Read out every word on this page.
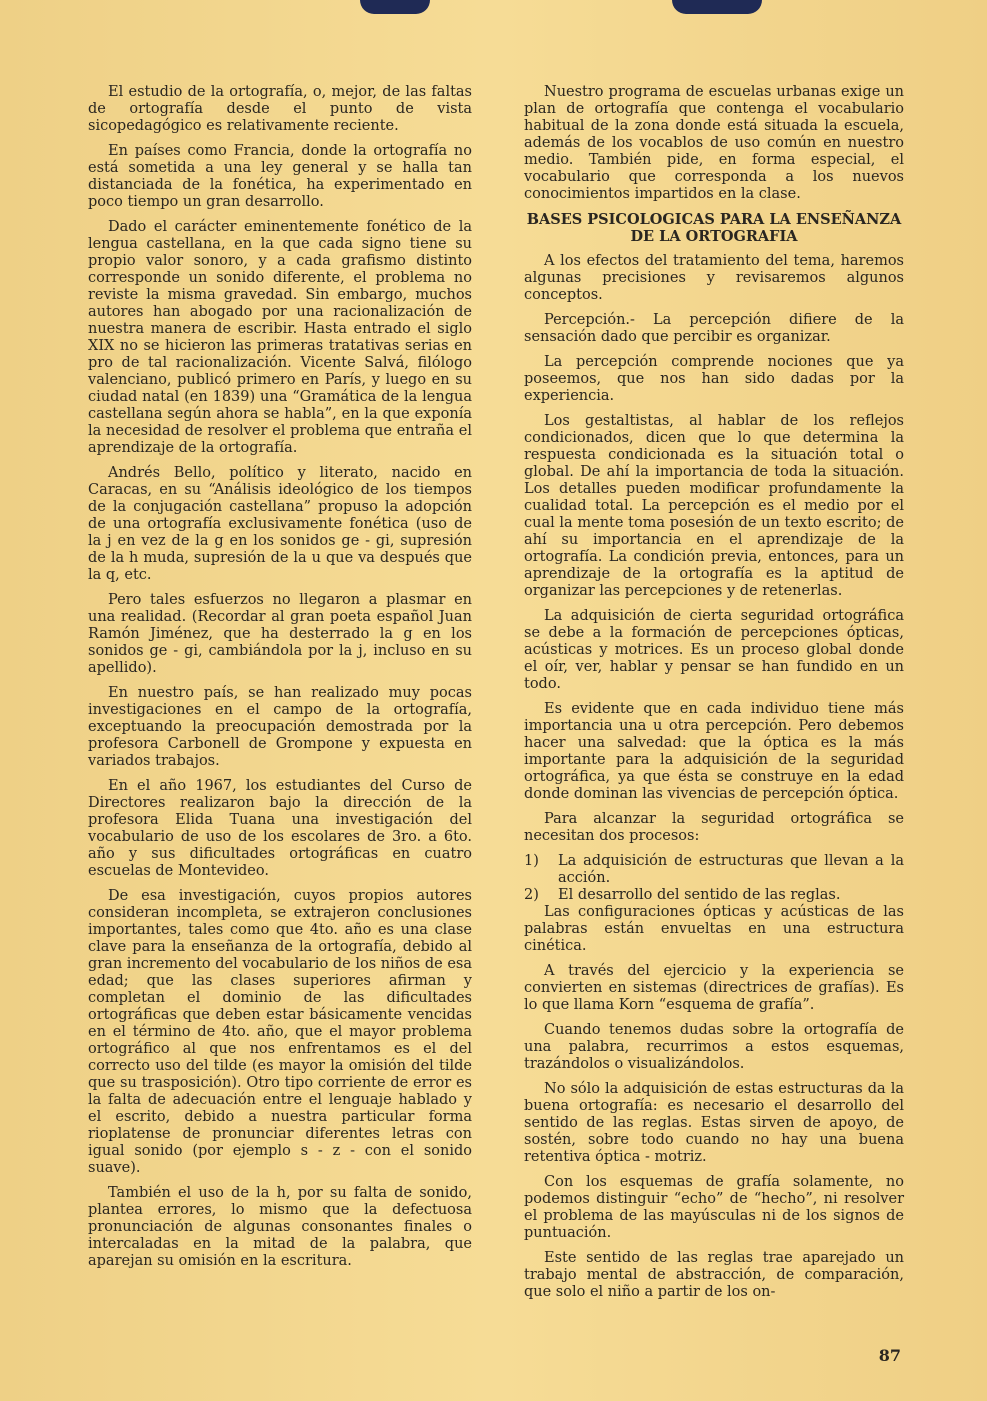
El estudio de la ortografía, o, mejor, de las faltas de ortografía desde el punto de vista sicopedagógico es relativamente reciente.

En países como Francia, donde la ortografía no está sometida a una ley general y se halla tan distanciada de la fonética, ha experimentado en poco tiempo un gran desarrollo.

Dado el carácter eminentemente fonético de la lengua castellana, en la que cada signo tiene su propio valor sonoro, y a cada grafismo distinto corresponde un sonido diferente, el problema no reviste la misma gravedad. Sin embargo, muchos autores han abogado por una racionalización de nuestra manera de escribir. Hasta entrado el siglo XIX no se hicieron las primeras tratativas serias en pro de tal racionalización. Vicente Salvá, filólogo valenciano, publicó primero en París, y luego en su ciudad natal (en 1839) una “Gramática de la lengua castellana según ahora se habla”, en la que exponía la necesidad de resolver el problema que entraña el aprendizaje de la ortografía.

Andrés Bello, político y literato, nacido en Caracas, en su “Análisis ideológico de los tiempos de la conjugación castellana” propuso la adopción de una ortografía exclusivamente fonética (uso de la j en vez de la g en los sonidos ge - gi, supresión de la h muda, supresión de la u que va después que la q, etc.

Pero tales esfuerzos no llegaron a plasmar en una realidad. (Recordar al gran poeta español Juan Ramón Jiménez, que ha desterrado la g en los sonidos ge - gi, cambiándola por la j, incluso en su apellido).

En nuestro país, se han realizado muy pocas investigaciones en el campo de la ortografía, exceptuando la preocupación demostrada por la profesora Carbonell de Grompone y expuesta en variados trabajos.

En el año 1967, los estudiantes del Curso de Directores realizaron bajo la dirección de la profesora Elida Tuana una investigación del vocabulario de uso de los escolares de 3ro. a 6to. año y sus dificultades ortográficas en cuatro escuelas de Montevideo.

De esa investigación, cuyos propios autores consideran incompleta, se extrajeron conclusiones importantes, tales como que 4to. año es una clase clave para la enseñanza de la ortografía, debido al gran incremento del vocabulario de los niños de esa edad; que las clases superiores afirman y completan el dominio de las dificultades ortográficas que deben estar básicamente vencidas en el término de 4to. año, que el mayor problema ortográfico al que nos enfrentamos es el del correcto uso del tilde (es mayor la omisión del tilde que su trasposición). Otro tipo corriente de error es la falta de adecuación entre el lenguaje hablado y el escrito, debido a nuestra particular forma rioplatense de pronunciar diferentes letras con igual sonido (por ejemplo s - z - con el sonido suave).

También el uso de la h, por su falta de sonido, plantea errores, lo mismo que la defectuosa pronunciación de algunas consonantes finales o intercaladas en la mitad de la palabra, que aparejan su omisión en la escritura.

Nuestro programa de escuelas urbanas exige un plan de ortografía que contenga el vocabulario habitual de la zona donde está situada la escuela, además de los vocablos de uso común en nuestro medio. También pide, en forma especial, el vocabulario que corresponda a los nuevos conocimientos impartidos en la clase.

BASES PSICOLOGICAS PARA LA ENSEÑANZA DE LA ORTOGRAFIA

A los efectos del tratamiento del tema, haremos algunas precisiones y revisaremos algunos conceptos.

Percepción.- La percepción difiere de la sensación dado que percibir es organizar.

La percepción comprende nociones que ya poseemos, que nos han sido dadas por la experiencia.

Los gestaltistas, al hablar de los reflejos condicionados, dicen que lo que determina la respuesta condicionada es la situación total o global. De ahí la importancia de toda la situación. Los detalles pueden modificar profundamente la cualidad total. La percepción es el medio por el cual la mente toma posesión de un texto escrito; de ahí su importancia en el aprendizaje de la ortografía. La condición previa, entonces, para un aprendizaje de la ortografía es la aptitud de organizar las percepciones y de retenerlas.

La adquisición de cierta seguridad ortográfica se debe a la formación de percepciones ópticas, acústicas y motrices. Es un proceso global donde el oír, ver, hablar y pensar se han fundido en un todo.

Es evidente que en cada individuo tiene más importancia una u otra percepción. Pero debemos hacer una salvedad: que la óptica es la más importante para la adquisición de la seguridad ortográfica, ya que ésta se construye en la edad donde dominan las vivencias de percepción óptica.

Para alcanzar la seguridad ortográfica se necesitan dos procesos:

1)	La adquisición de estructuras que llevan a la acción.
2)	El desarrollo del sentido de las reglas.

Las configuraciones ópticas y acústicas de las palabras están envueltas en una estructura cinética.

A través del ejercicio y la experiencia se convierten en sistemas (directrices de grafías). Es lo que llama Korn “esquema de grafía”.

Cuando tenemos dudas sobre la ortografía de una palabra, recurrimos a estos esquemas, trazándolos o visualizándolos.

No sólo la adquisición de estas estructuras da la buena ortografía: es necesario el desarrollo del sentido de las reglas. Estas sirven de apoyo, de sostén, sobre todo cuando no hay una buena retentiva óptica - motriz.

Con los esquemas de grafía solamente, no podemos distinguir “echo” de “hecho”, ni resolver el problema de las mayúsculas ni de los signos de puntuación.

Este sentido de las reglas trae aparejado un trabajo mental de abstracción, de comparación, que solo el niño a partir de los on-

87
